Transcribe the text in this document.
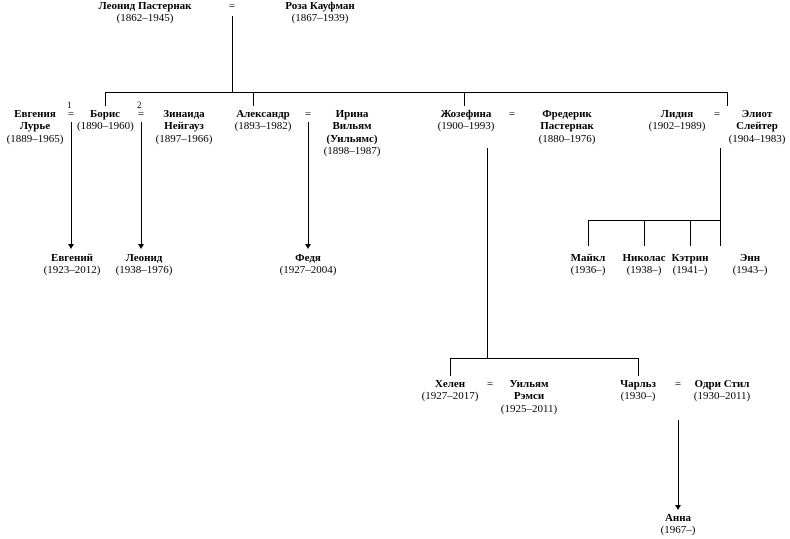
Леонид Пастернак
(1862–1945)
=	Роза Кауфман
(1867–1939)
Евгения Лурье
(1889–1965)
=
1
Борис
(1890–1960)
=
2
Зинаида Нейгауз
(1897–1966)
Александр
(1893–1982)
=	Ирина Вильям (Уильямс)
(1898–1987)
Жозефина
(1900–1993)
=	Фредерик Пастернак
(1880–1976)
Лидия
(1902–1989)
=	Элиот Слейтер
(1904–1983)
Евгений
(1923–2012)
Леонид
(1938–1976)
Федя
(1927–2004)
Майкл
(1936–)
Николас
(1938–)
Кэтрин
(1941–)
Энн
(1943–)
Хелен
(1927–2017)
=	Уильям Рэмси
(1925–2011)
Чарльз
(1930–)
=	Одри Стил
(1930–2011)
Анна
(1967–)
